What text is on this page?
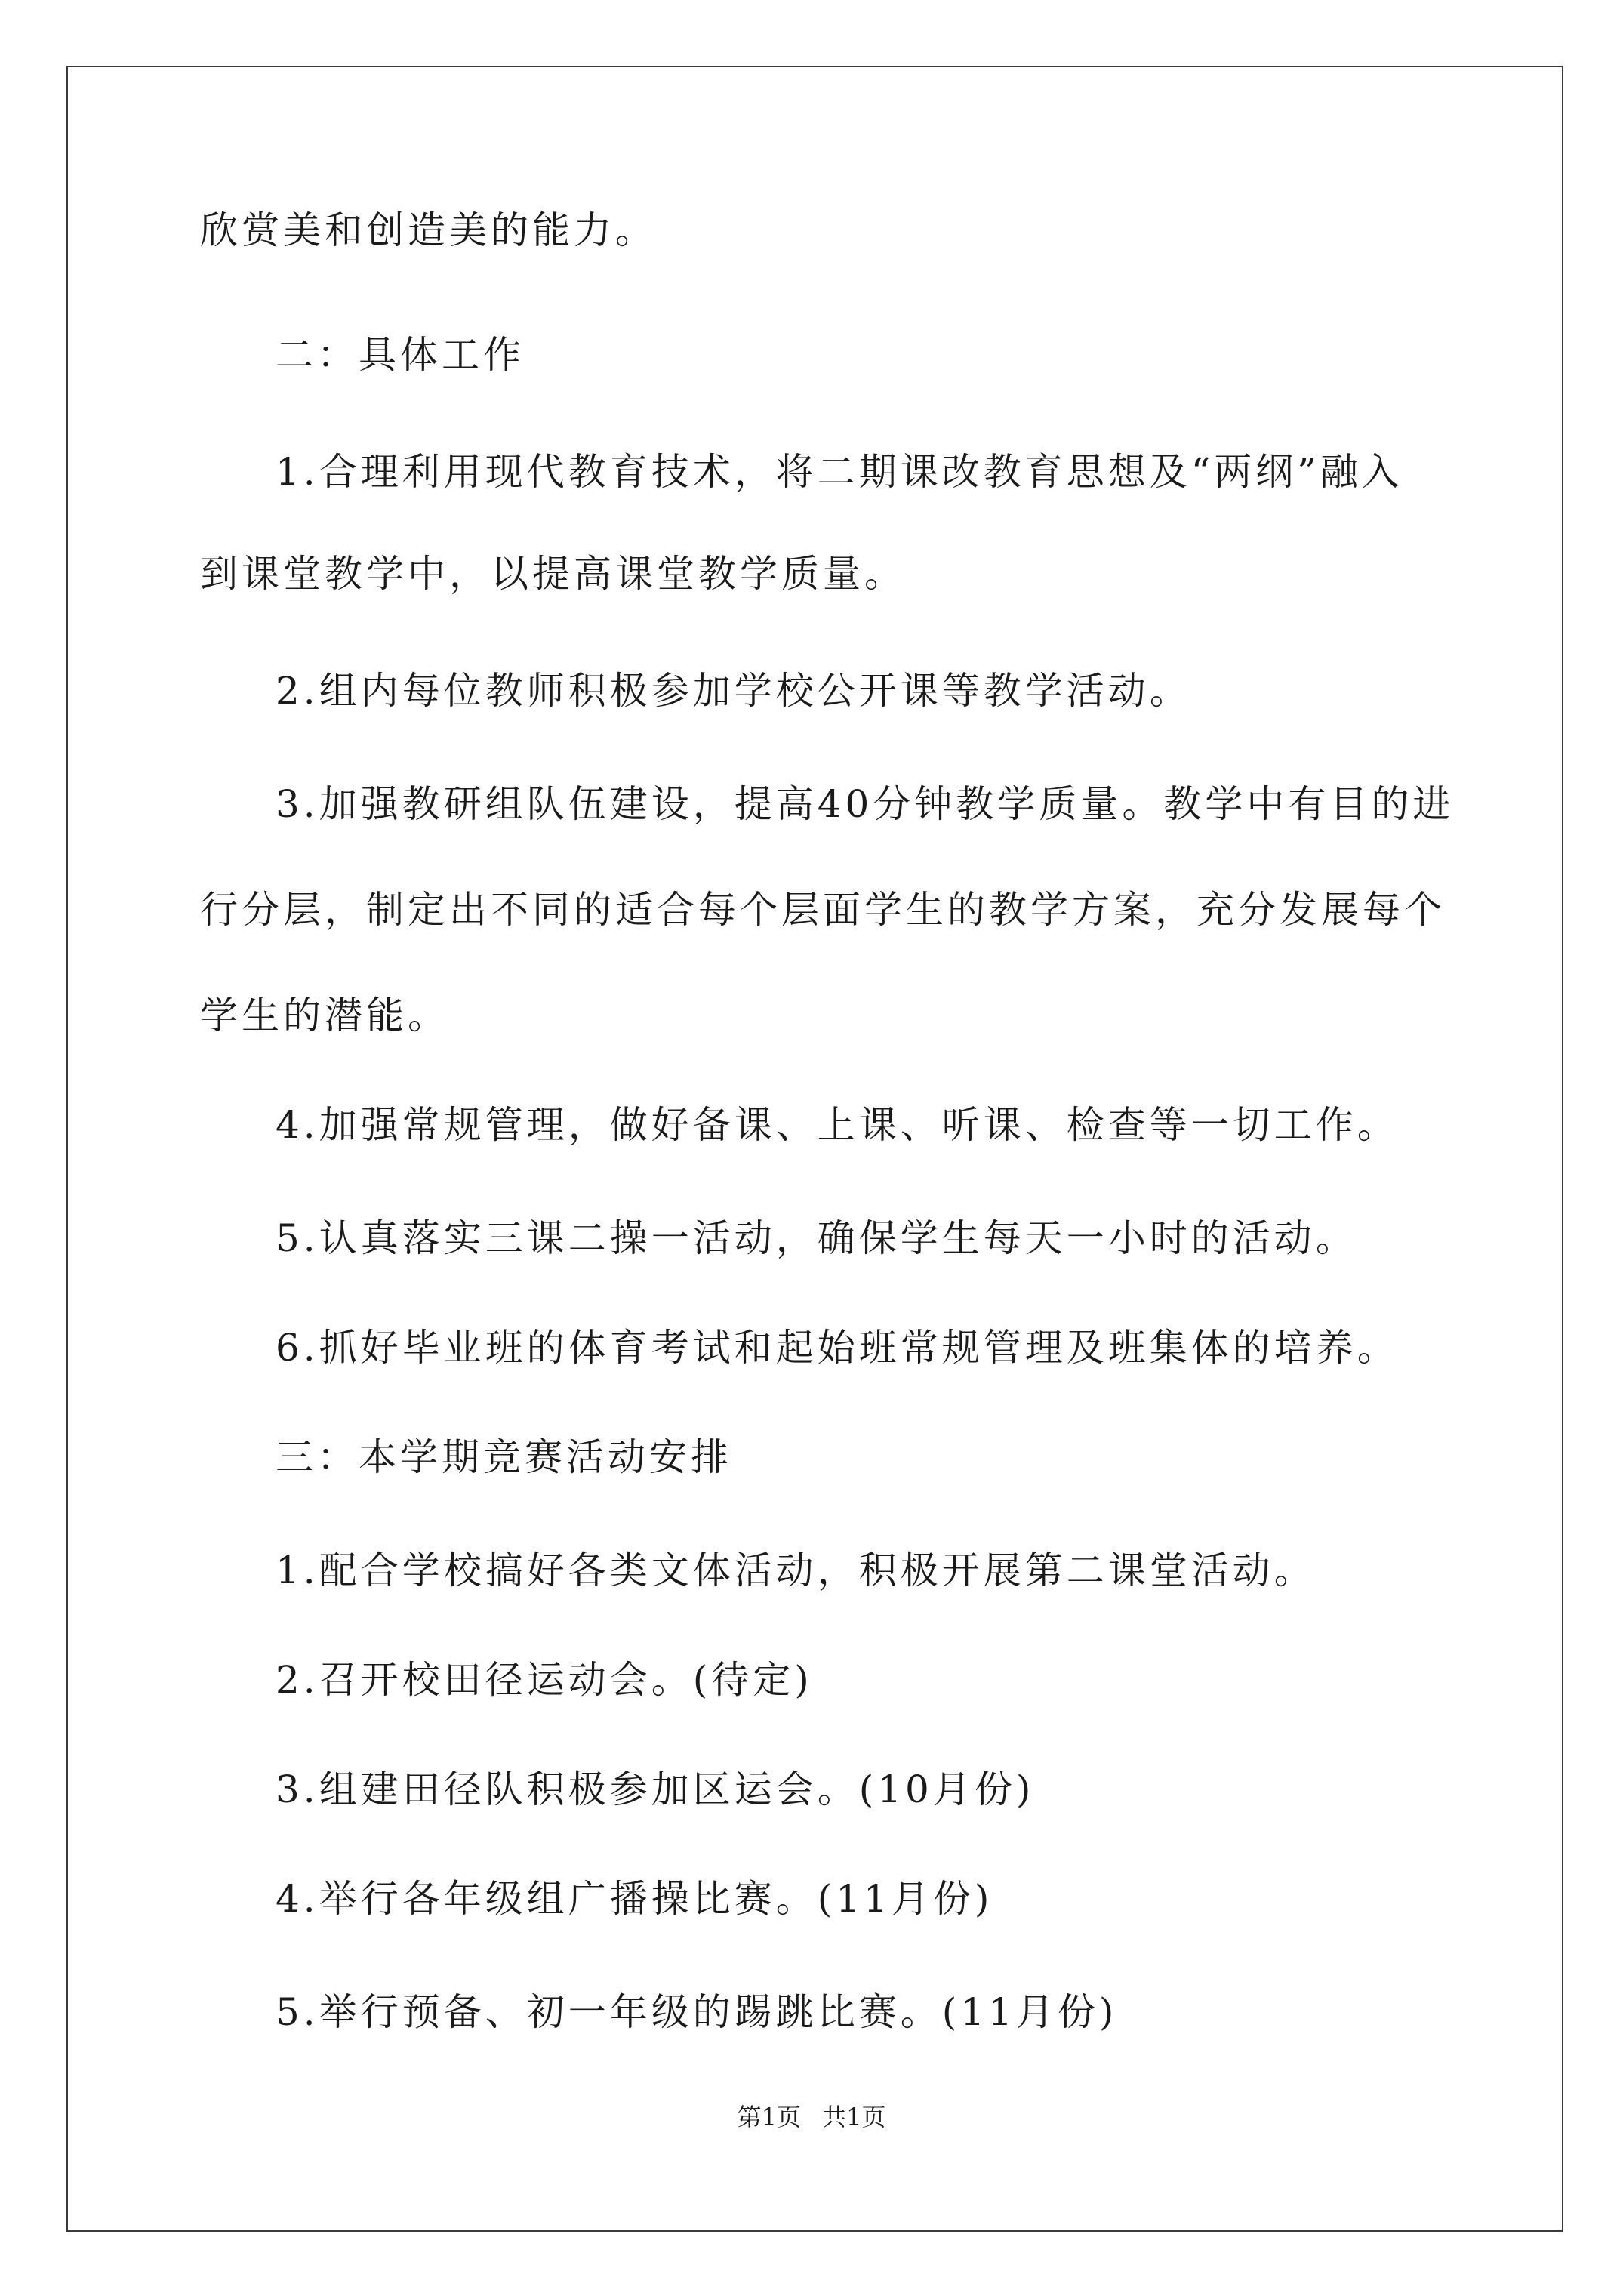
欣赏美和创造美的能力。

二：具体工作

1.合理利用现代教育技术，将二期课改教育思想及“两纲”融入

到课堂教学中，以提高课堂教学质量。

2.组内每位教师积极参加学校公开课等教学活动。

3.加强教研组队伍建设，提高40分钟教学质量。教学中有目的进

行分层，制定出不同的适合每个层面学生的教学方案，充分发展每个

学生的潜能。

4.加强常规管理，做好备课、上课、听课、检查等一切工作。

5.认真落实三课二操一活动，确保学生每天一小时的活动。

6.抓好毕业班的体育考试和起始班常规管理及班集体的培养。

三：本学期竞赛活动安排

1.配合学校搞好各类文体活动，积极开展第二课堂活动。

2.召开校田径运动会。(待定)

3.组建田径队积极参加区运会。(10月份)

4.举行各年级组广播操比赛。(11月份)

5.举行预备、初一年级的踢跳比赛。(11月份)

第1页 共1页
